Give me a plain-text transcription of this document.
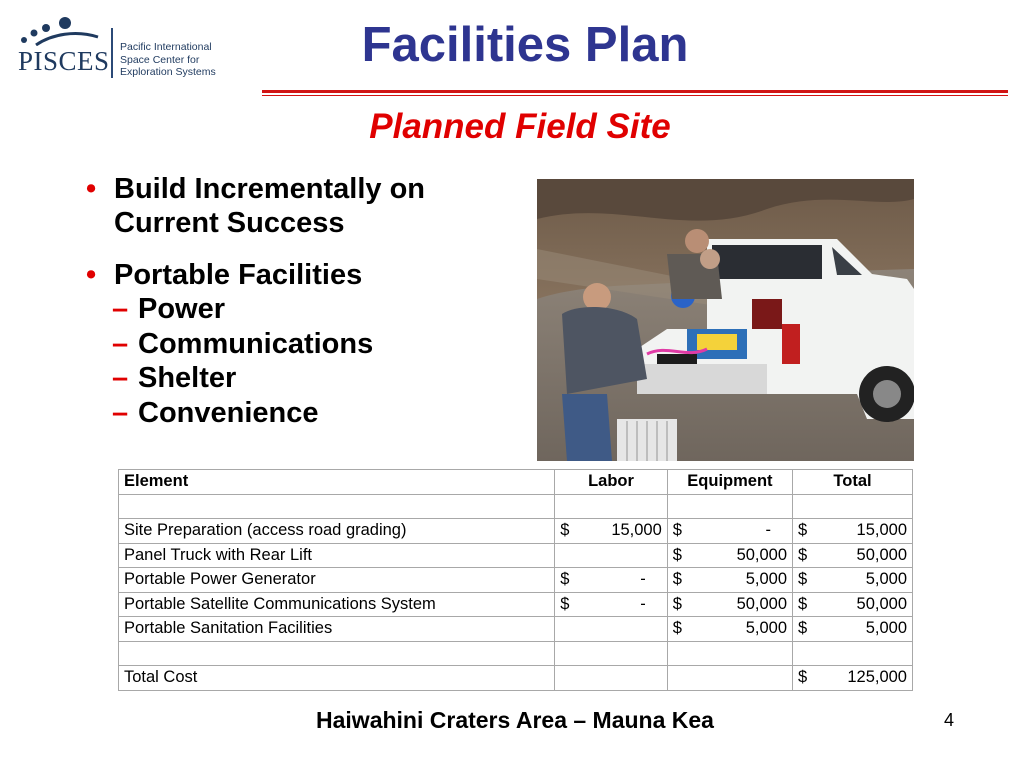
PISCES Pacific International
Space Center for
Exploration Systems	Facilities Plan
Planned Field Site
• Build Incrementally on
Current Success
• Portable Facilities
– Power
– Communications
– Shelter
– Convenience
Element	Labor	Equipment	Total

Site Preparation (access road grading)	$ 15,000	$ -	$ 15,000

Panel Truck with Rear Lift		$ 50,000	$ 50,000

Portable Power Generator	$ -	$ 5,000	$ 5,000

Portable Satellite Communications System	$ -	$ 50,000	$ 50,000

Portable Sanitation Facilities		$ 5,000	$ 5,000

Total Cost			$ 125,000
Haiwahini Craters Area – Mauna Kea	4
